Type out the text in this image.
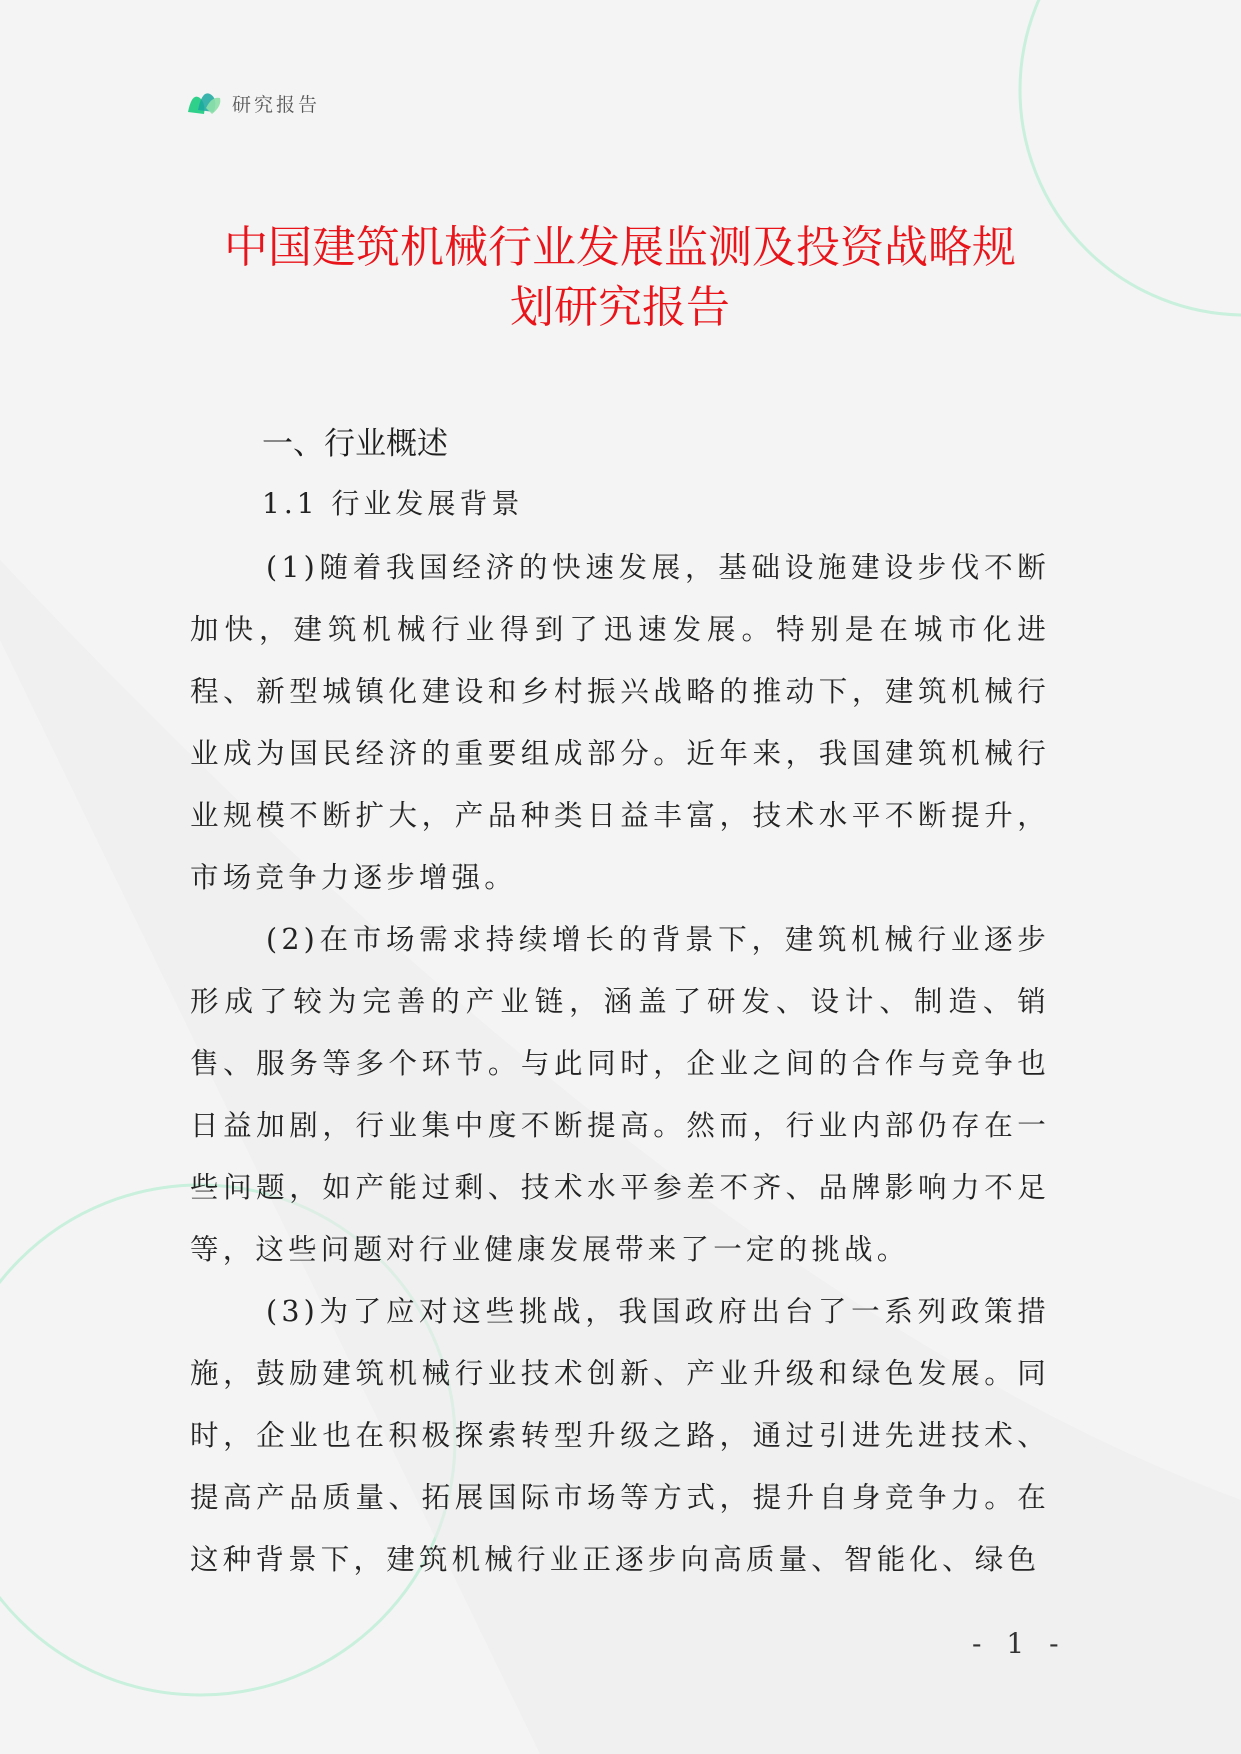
研究报告
中国建筑机械行业发展监测及投资战略规
划研究报告
一、行业概述
1.1 行业发展背景

(1)随着我国经济的快速发展，基础设施建设步伐不断加快，建筑机械行业得到了迅速发展。特别是在城市化进程、新型城镇化建设和乡村振兴战略的推动下，建筑机械行业成为国民经济的重要组成部分。近年来，我国建筑机械行业规模不断扩大，产品种类日益丰富，技术水平不断提升，市场竞争力逐步增强。

(2)在市场需求持续增长的背景下，建筑机械行业逐步形成了较为完善的产业链，涵盖了研发、设计、制造、销售、服务等多个环节。与此同时，企业之间的合作与竞争也日益加剧，行业集中度不断提高。然而，行业内部仍存在一些问题，如产能过剩、技术水平参差不齐、品牌影响力不足等，这些问题对行业健康发展带来了一定的挑战。

(3)为了应对这些挑战，我国政府出台了一系列政策措施，鼓励建筑机械行业技术创新、产业升级和绿色发展。同时，企业也在积极探索转型升级之路，通过引进先进技术、提高产品质量、拓展国际市场等方式，提升自身竞争力。在这种背景下，建筑机械行业正逐步向高质量、智能化、绿色

- 1 -
